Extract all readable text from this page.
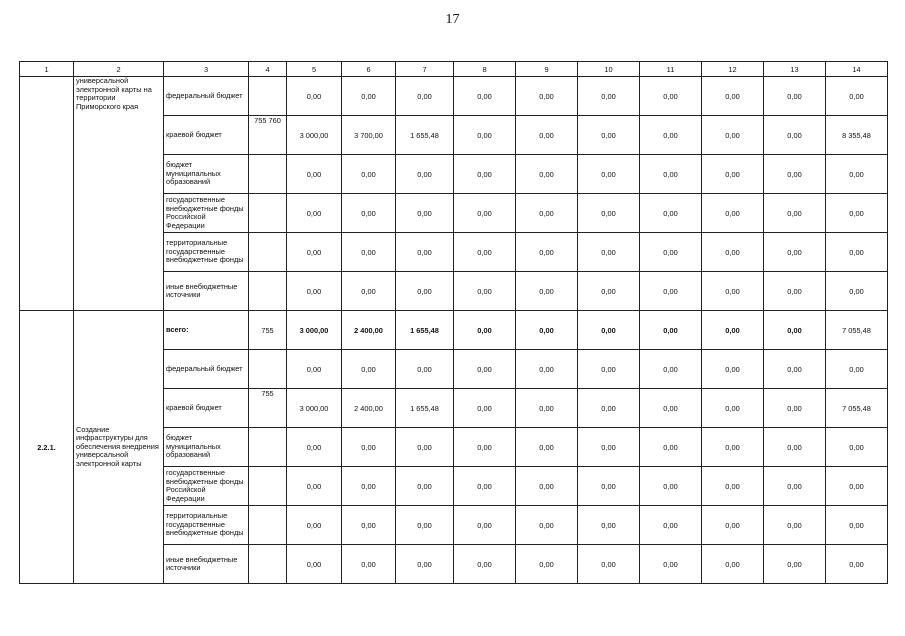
17
1	2	3	4	5	6	7	8	9	10	11	12	13	14
	универсальной электронной карты на территории Приморского края	федеральный бюджет		0,00	0,00	0,00	0,00	0,00	0,00	0,00	0,00	0,00	0,00
		краевой бюджет	755 760	3 000,00	3 700,00	1 655,48	0,00	0,00	0,00	0,00	0,00	0,00	8 355,48
		бюджет муниципальных образований		0,00	0,00	0,00	0,00	0,00	0,00	0,00	0,00	0,00	0,00
		государственные внебюджетные фонды Российской Федерации		0,00	0,00	0,00	0,00	0,00	0,00	0,00	0,00	0,00	0,00
		территориальные государственные внебюджетные фонды		0,00	0,00	0,00	0,00	0,00	0,00	0,00	0,00	0,00	0,00
		иные внебюджетные источники		0,00	0,00	0,00	0,00	0,00	0,00	0,00	0,00	0,00	0,00
2.2.1.	Создание инфраструктуры для обеспечения внедрения универсальной электронной карты	всего:	755	3 000,00	2 400,00	1 655,48	0,00	0,00	0,00	0,00	0,00	0,00	7 055,48
		федеральный бюджет		0,00	0,00	0,00	0,00	0,00	0,00	0,00	0,00	0,00	0,00
		краевой бюджет	755	3 000,00	2 400,00	1 655,48	0,00	0,00	0,00	0,00	0,00	0,00	7 055,48
		бюджет муниципальных образований		0,00	0,00	0,00	0,00	0,00	0,00	0,00	0,00	0,00	0,00
		государственные внебюджетные фонды Российской Федерации		0,00	0,00	0,00	0,00	0,00	0,00	0,00	0,00	0,00	0,00
		территориальные государственные внебюджетные фонды		0,00	0,00	0,00	0,00	0,00	0,00	0,00	0,00	0,00	0,00
		иные внебюджетные источники		0,00	0,00	0,00	0,00	0,00	0,00	0,00	0,00	0,00	0,00
